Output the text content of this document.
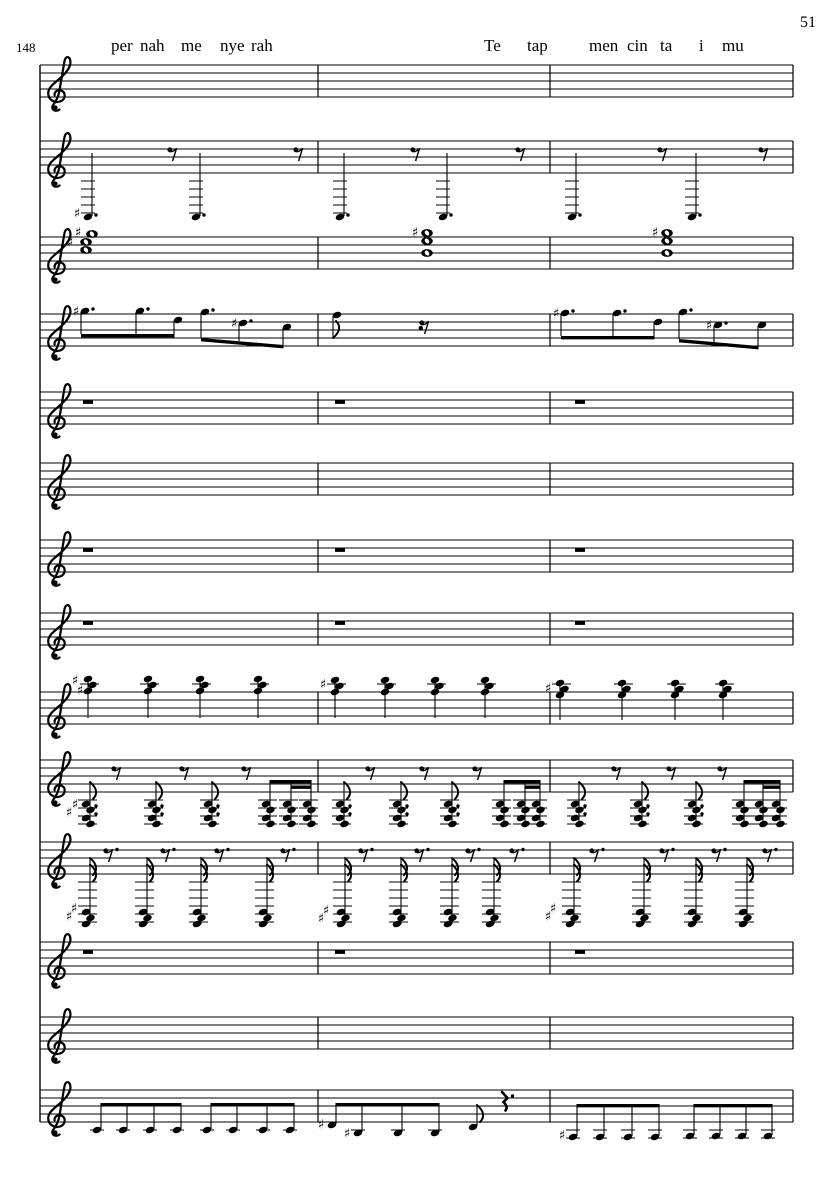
51
148	per nah me nye rah	Te tap men cin ta i mu
♯
♯
♯
♯	♯
♯
♯
♯
♯
♯
♯	♯	♯
♯
♯
♯
♯	♯
♯
♯
♯
♯
♯	♯
